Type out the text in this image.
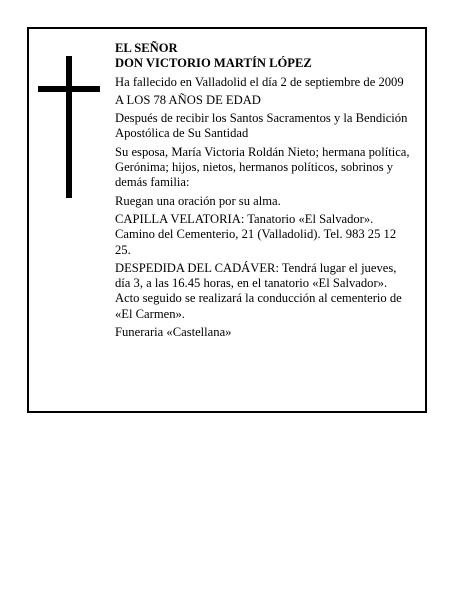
EL SEÑOR

DON VICTORIO MARTÍN LÓPEZ

Ha fallecido en Valladolid el día 2 de septiembre de 2009

A LOS 78 AÑOS DE EDAD

Después de recibir los Santos Sacramentos y la Bendición Apostólica de Su Santidad

Su esposa, María Victoria Roldán Nieto; hermana política, Gerónima; hijos, nietos, hermanos políticos, sobrinos y demás familia:

Ruegan una oración por su alma.

CAPILLA VELATORIA: Tanatorio «El Salvador». Camino del Cementerio, 21 (Valladolid). Tel. 983 25 12 25.

DESPEDIDA DEL CADÁVER: Tendrá lugar el jueves, día 3, a las 16.45 horas, en el tanatorio «El Salvador». Acto seguido se realizará la conducción al cementerio de «El Carmen».

Funeraria «Castellana»
